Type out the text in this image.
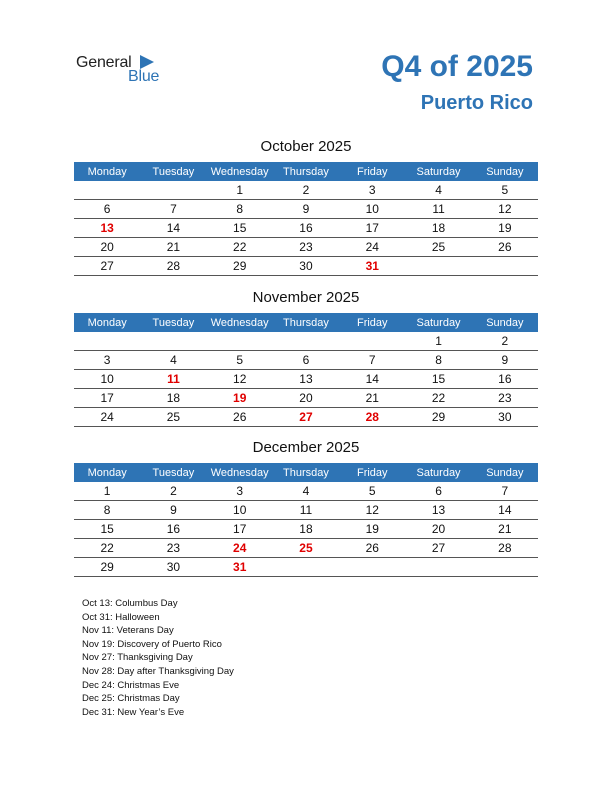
General
Blue	Q4 of 2025
Puerto Rico
October 2025
Monday	Tuesday	Wednesday	Thursday	Friday	Saturday	Sunday
		1	2	3	4	5
6	7	8	9	10	11	12
13	14	15	16	17	18	19
20	21	22	23	24	25	26
27	28	29	30	31		
November 2025
Monday	Tuesday	Wednesday	Thursday	Friday	Saturday	Sunday
					1	2
3	4	5	6	7	8	9
10	11	12	13	14	15	16
17	18	19	20	21	22	23
24	25	26	27	28	29	30
December 2025
Monday	Tuesday	Wednesday	Thursday	Friday	Saturday	Sunday
1	2	3	4	5	6	7
8	9	10	11	12	13	14
15	16	17	18	19	20	21
22	23	24	25	26	27	28
29	30	31				
Oct 13: Columbus Day
Oct 31: Halloween
Nov 11: Veterans Day
Nov 19: Discovery of Puerto Rico
Nov 27: Thanksgiving Day
Nov 28: Day after Thanksgiving Day
Dec 24: Christmas Eve
Dec 25: Christmas Day
Dec 31: New Year’s Eve
